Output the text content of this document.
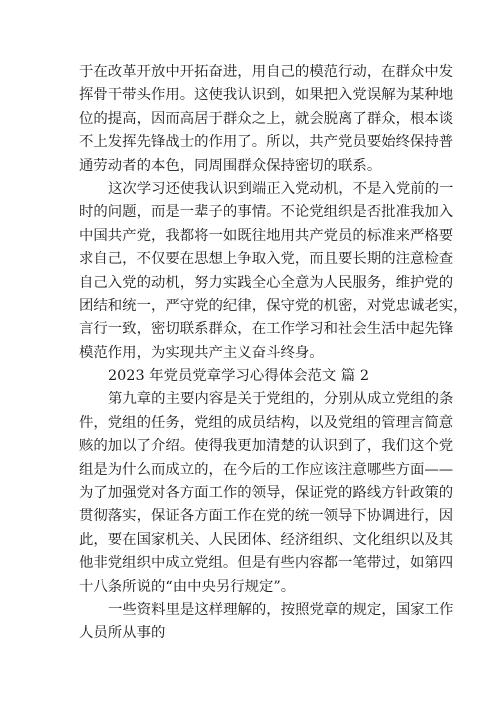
于在改革开放中开拓奋进，用自己的模范行动，在群众中发
挥骨干带头作用。这使我认识到，如果把入党误解为某种地
位的提高，因而高居于群众之上，就会脱离了群众，根本谈
不上发挥先锋战士的作用了。所以，共产党员要始终保持普
通劳动者的本色，同周围群众保持密切的联系。
这次学习还使我认识到端正入党动机，不是入党前的一
时的问题，而是一辈子的事情。不论党组织是否批准我加入
中国共产党，我都将一如既往地用共产党员的标准来严格要
求自己，不仅要在思想上争取入党，而且要长期的注意检查
自己入党的动机，努力实践全心全意为人民服务，维护党的
团结和统一，严守党的纪律，保守党的机密，对党忠诚老实，
言行一致，密切联系群众，在工作学习和社会生活中起先锋
模范作用，为实现共产主义奋斗终身。
2023 年党员党章学习心得体会范文 篇 2
第九章的主要内容是关于党组的，分别从成立党组的条
件，党组的任务，党组的成员结构，以及党组的管理言简意
赅的加以了介绍。使得我更加清楚的认识到了，我们这个党
组是为什么而成立的，在今后的工作应该注意哪些方面——
为了加强党对各方面工作的领导，保证党的路线方针政策的
贯彻落实，保证各方面工作在党的统一领导下协调进行，因
此，要在国家机关、人民团体、经济组织、文化组织以及其
他非党组织中成立党组。但是有些内容都一笔带过，如第四
十八条所说的“由中央另行规定”。
一些资料里是这样理解的，按照党章的规定，国家工作
人员所从事的
